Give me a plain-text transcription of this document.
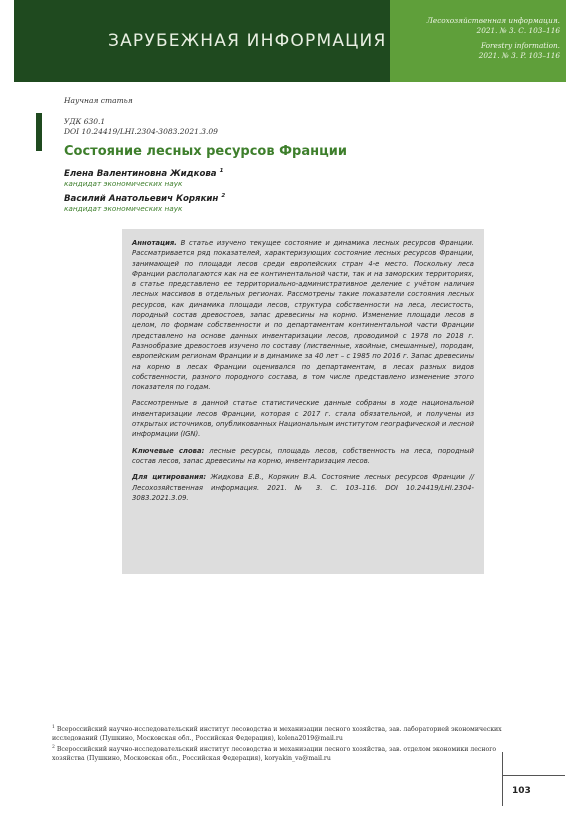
ЗАРУБЕЖНАЯ ИНФОРМАЦИЯ
Лесохозяйственная информация.
2021. № 3. С. 103–116
Forestry information.
2021. № 3. P. 103–116
Научная статья
УДК 630.1
DOI 10.24419/LHI.2304-3083.2021.3.09
Состояние лесных ресурсов Франции
Елена Валентиновна Жидкова $^1$
кандидат экономических наук
Василий Анатольевич Корякин $^2$
кандидат экономических наук

Аннотация. В статье изучено текущее состояние и динамика лесных ресурсов Франции. Рассматривается ряд показателей, характеризующих состояние лесных ресурсов Франции, занимающей по площади лесов среди европейских стран 4-е место. Поскольку леса Франции располагаются как на ее континентальной части, так и на заморских территориях, в статье представлено ее территориально-административное деление с учётом наличия лесных массивов в отдельных регионах. Рассмотрены такие показатели состояния лесных ресурсов, как динамика площади лесов, структура собственности на леса, лесистость, породный состав древостоев, запас древесины на корню. Изменение площади лесов в целом, по формам собственности и по департаментам континентальной части Франции представлено на основе данных инвентаризации лесов, проводимой с 1978 по 2018 г. Разнообразие древостоев изучено по составу (лиственные, хвойные, смешанные), породам, европейским регионам Франции и в динамике за 40 лет – с 1985 по 2016 г. Запас древесины на корню в лесах Франции оценивался по департаментам, в лесах разных видов собственности, разного породного состава, в том числе представлено изменение этого показателя по годам.

Рассмотренные в данной статье статистические данные собраны в ходе национальной инвентаризации лесов Франции, которая с 2017 г. стала обязательной, и получены из открытых источников, опубликованных Национальным институтом географической и лесной информации (IGN).

Ключевые слова: лесные ресурсы, площадь лесов, собственность на леса, породный состав лесов, запас древесины на корню, инвентаризация лесов.

Для цитирования: Жидкова Е.В., Корякин В.А. Состояние лесных ресурсов Франции // Лесохозяйственная информация. 2021. № 3. С. 103–116. DOI 10.24419/LHI.2304-3083.2021.3.09.

$^1$ Всероссийский научно-исследовательский институт лесоводства и механизации лесного хозяйства, зав. лабораторией экономических исследований (Пушкино, Московская обл., Российская Федерация), kolena2019@mail.ru

$^2$ Всероссийский научно-исследовательский институт лесоводства и механизации лесного хозяйства, зав. отделом экономики лесного хозяйства (Пушкино, Московская обл., Российская Федерация), koryakin_va@mail.ru

103
